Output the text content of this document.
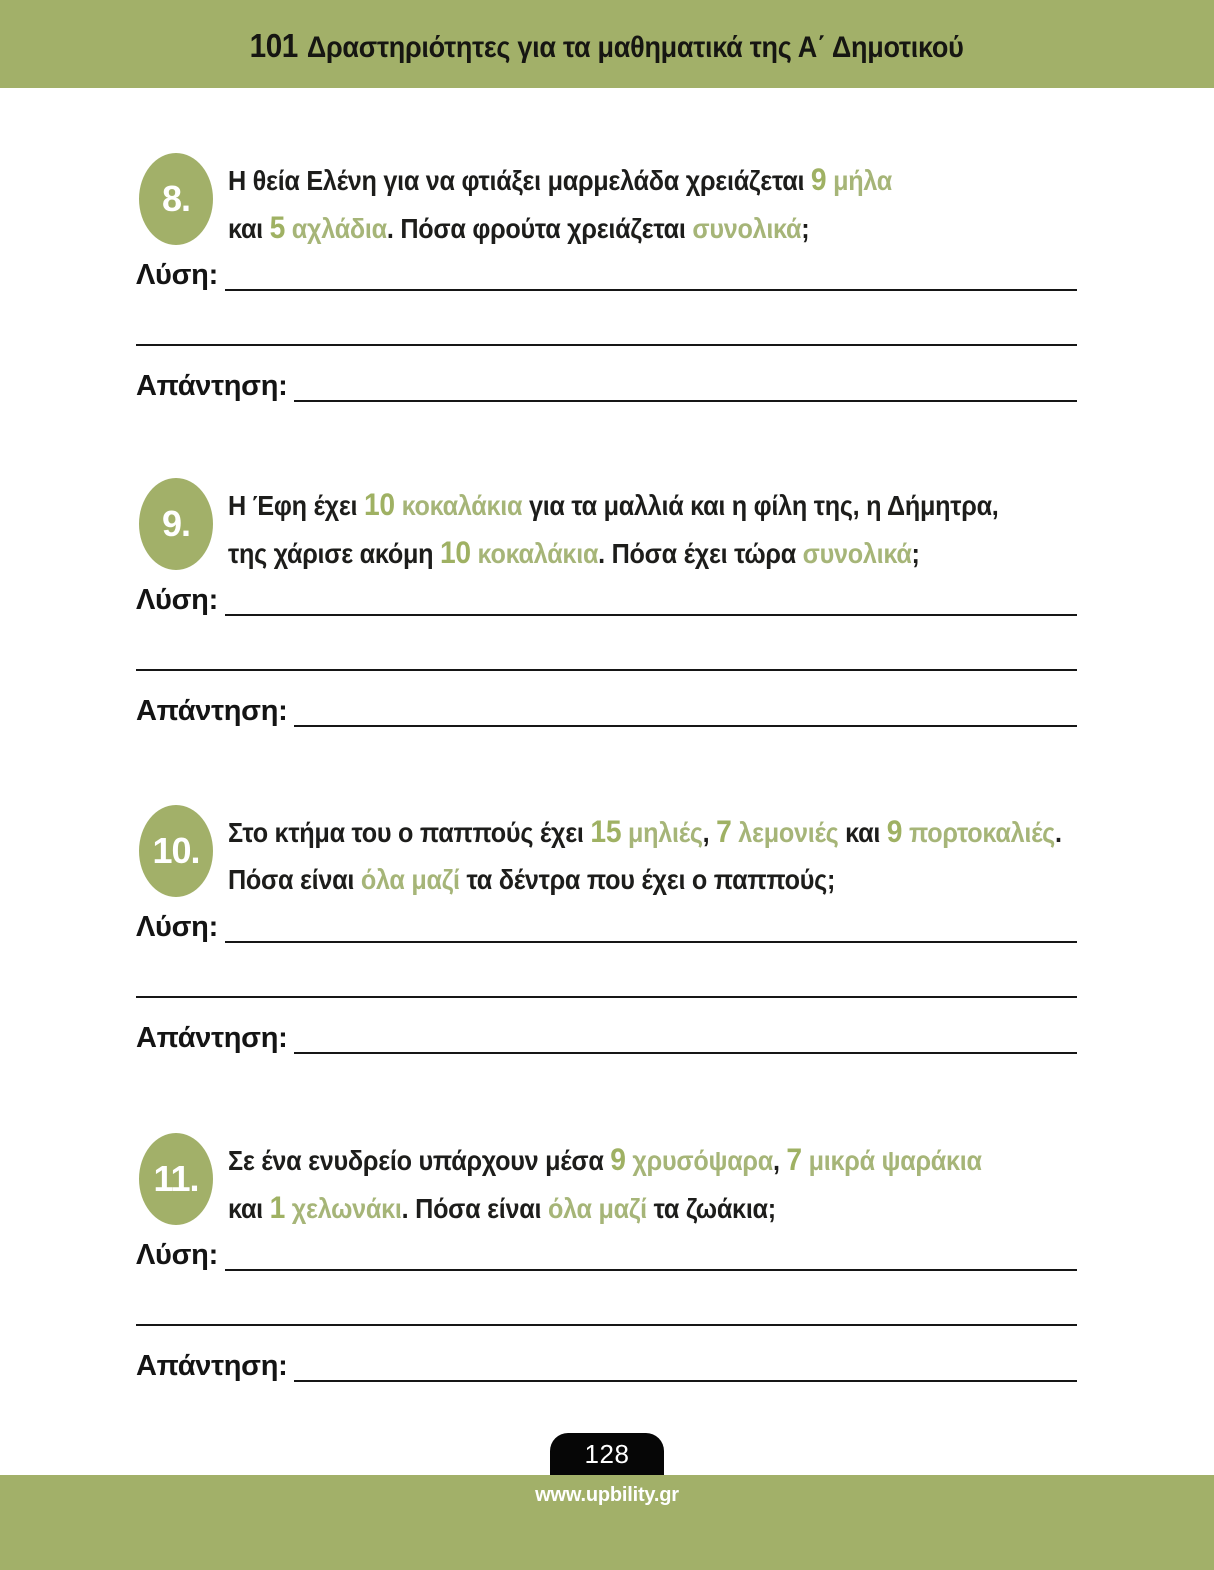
101 Δραστηριότητες για τα μαθηματικά της Α΄ Δημοτικού
8. Η θεία Ελένη για να φτιάξει μαρμελάδα χρειάζεται 9 μήλα
και 5 αχλάδια. Πόσα φρούτα χρειάζεται συνολικά;
Λύση:
Απάντηση:
9. Η Έφη έχει 10 κοκαλάκια για τα μαλλιά και η φίλη της, η Δήμητρα,
της χάρισε ακόμη 10 κοκαλάκια. Πόσα έχει τώρα συνολικά;
Λύση:
Απάντηση:
10. Στο κτήμα του ο παππούς έχει 15 μηλιές, 7 λεμονιές και 9 πορτοκαλιές.
Πόσα είναι όλα μαζί τα δέντρα που έχει ο παππούς;
Λύση:
Απάντηση:
11. Σε ένα ενυδρείο υπάρχουν μέσα 9 χρυσόψαρα, 7 μικρά ψαράκια
και 1 χελωνάκι. Πόσα είναι όλα μαζί τα ζωάκια;
Λύση:
Απάντηση:
128
www.upbility.gr
